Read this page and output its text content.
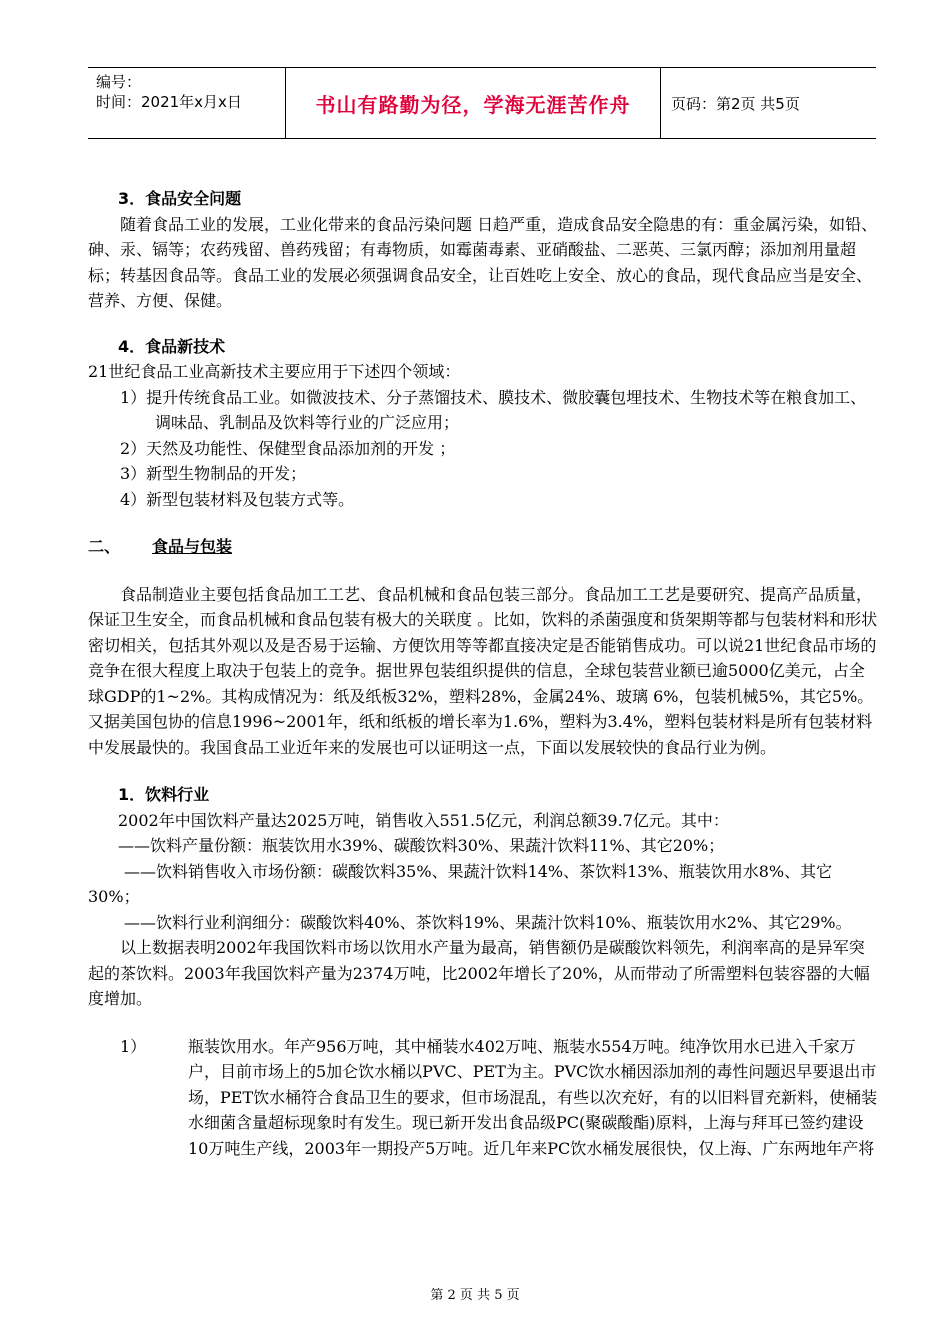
编号：
时间：2021年x月x日	书山有路勤为径，学海无涯苦作舟	页码：第2页 共5页

3．食品安全问题

随着食品工业的发展，工业化带来的食品污染问题 日趋严重，造成食品安全隐患的有：重金属污染，如铅、砷、汞、镉等；农药残留、兽药残留；有毒物质，如霉菌毒素、亚硝酸盐、二恶英、三氯丙醇；添加剂用量超标；转基因食品等。食品工业的发展必须强调食品安全，让百姓吃上安全、放心的食品，现代食品应当是安全、营养、方便、保健。

4．食品新技术

21世纪食品工业高新技术主要应用于下述四个领域：

1）提升传统食品工业。如微波技术、分子蒸馏技术、膜技术、微胶囊包埋技术、生物技术等在粮食加工、调味品、乳制品及饮料等行业的广泛应用；

2）天然及功能性、保健型食品添加剂的开发 ；

3）新型生物制品的开发；

4）新型包装材料及包装方式等。

二、	食品与包装

食品制造业主要包括食品加工工艺、食品机械和食品包装三部分。食品加工工艺是要研究、提高产品质量，保证卫生安全，而食品机械和食品包装有极大的关联度 。比如，饮料的杀菌强度和货架期等都与包装材料和形状密切相关，包括其外观以及是否易于运输、方便饮用等等都直接决定是否能销售成功。可以说21世纪食品市场的竞争在很大程度上取决于包装上的竞争。据世界包装组织提供的信息，全球包装营业额已逾5000亿美元，占全球GDP的1~2%。其构成情况为：纸及纸板32%，塑料28%，金属24%、玻璃 6%，包装机械5%，其它5%。又据美国包协的信息1996~2001年，纸和纸板的增长率为1.6%，塑料为3.4%，塑料包装材料是所有包装材料中发展最快的。我国食品工业近年来的发展也可以证明这一点，下面以发展较快的食品行业为例。

1．饮料行业

2002年中国饮料产量达2025万吨，销售收入551.5亿元，利润总额39.7亿元。其中：

——饮料产量份额：瓶装饮用水39%、碳酸饮料30%、果蔬汁饮料11%、其它20%；

——饮料销售收入市场份额：碳酸饮料35%、果蔬汁饮料14%、茶饮料13%、瓶装饮用水8%、其它30%；

——饮料行业利润细分：碳酸饮料40%、茶饮料19%、果蔬汁饮料10%、瓶装饮用水2%、其它29%。

以上数据表明2002年我国饮料市场以饮用水产量为最高，销售额仍是碳酸饮料领先，利润率高的是异军突起的茶饮料。2003年我国饮料产量为2374万吨，比2002年增长了20%，从而带动了所需塑料包装容器的大幅度增加。

1）	瓶装饮用水。年产956万吨，其中桶装水402万吨、瓶装水554万吨。纯净饮用水已进入千家万户，目前市场上的5加仑饮水桶以PVC、PET为主。PVC饮水桶因添加剂的毒性问题迟早要退出市场，PET饮水桶符合食品卫生的要求，但市场混乱，有些以次充好，有的以旧料冒充新料，使桶装水细菌含量超标现象时有发生。现已新开发出食品级PC(聚碳酸酯)原料，上海与拜耳已签约建设10万吨生产线，2003年一期投产5万吨。近几年来PC饮水桶发展很快，仅上海、广东两地年产将
第 2 页 共 5 页
